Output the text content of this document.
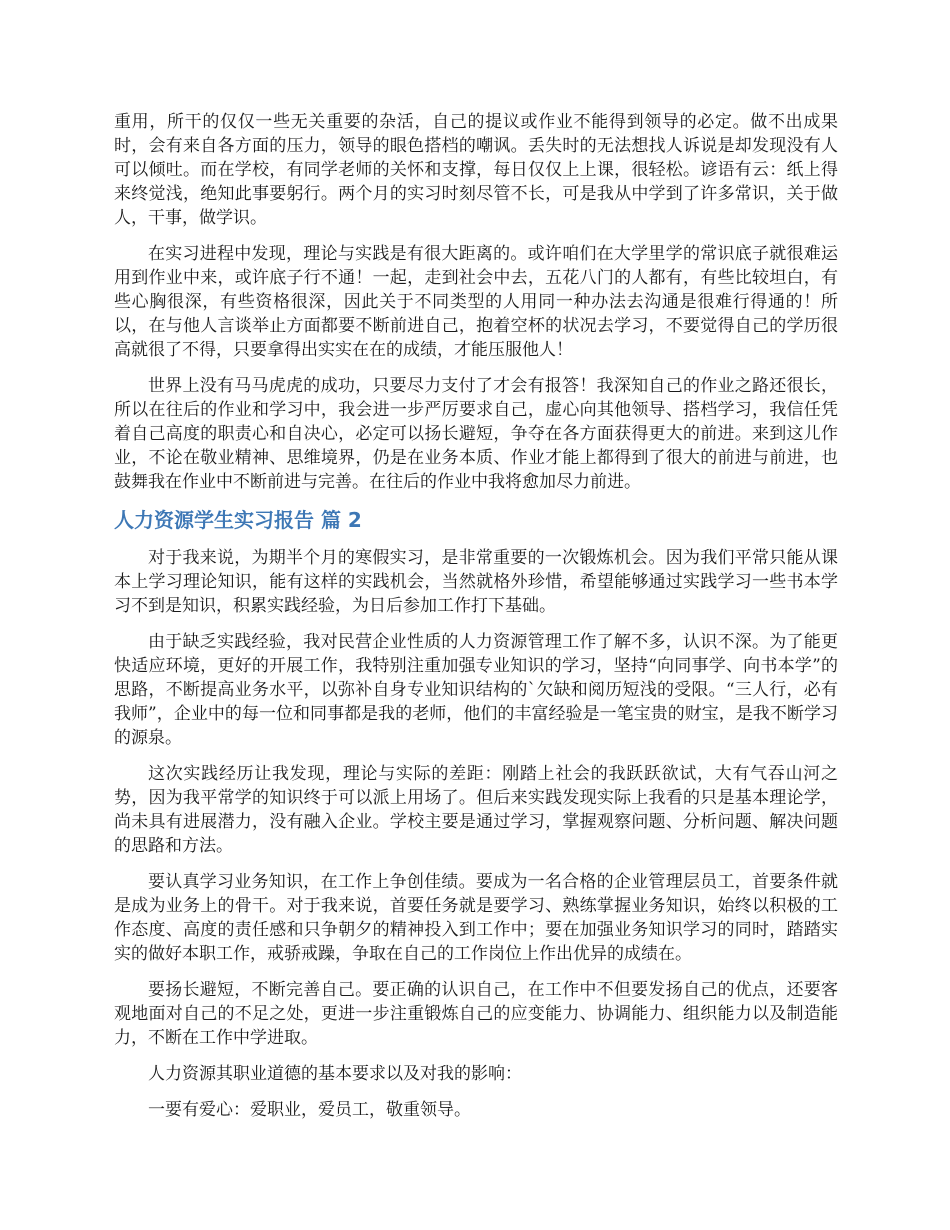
重用，所干的仅仅一些无关重要的杂活，自己的提议或作业不能得到领导的必定。做不出成果时，会有来自各方面的压力，领导的眼色搭档的嘲讽。丢失时的无法想找人诉说是却发现没有人可以倾吐。而在学校，有同学老师的关怀和支撑，每日仅仅上上课，很轻松。谚语有云：纸上得来终觉浅，绝知此事要躬行。两个月的实习时刻尽管不长，可是我从中学到了许多常识，关于做人，干事，做学识。

在实习进程中发现，理论与实践是有很大距离的。或许咱们在大学里学的常识底子就很难运用到作业中来，或许底子行不通！一起，走到社会中去，五花八门的人都有，有些比较坦白，有些心胸很深，有些资格很深，因此关于不同类型的人用同一种办法去沟通是很难行得通的！所以，在与他人言谈举止方面都要不断前进自己，抱着空杯的状况去学习，不要觉得自己的学历很高就很了不得，只要拿得出实实在在的成绩，才能压服他人！

世界上没有马马虎虎的成功，只要尽力支付了才会有报答！我深知自己的作业之路还很长，所以在往后的作业和学习中，我会进一步严厉要求自己，虚心向其他领导、搭档学习，我信任凭着自己高度的职责心和自决心，必定可以扬长避短，争夺在各方面获得更大的前进。来到这儿作业，不论在敬业精神、思维境界，仍是在业务本质、作业才能上都得到了很大的前进与前进，也鼓舞我在作业中不断前进与完善。在往后的作业中我将愈加尽力前进。

人力资源学生实习报告 篇 2

对于我来说，为期半个月的寒假实习，是非常重要的一次锻炼机会。因为我们平常只能从课本上学习理论知识，能有这样的实践机会，当然就格外珍惜，希望能够通过实践学习一些书本学习不到是知识，积累实践经验，为日后参加工作打下基础。

由于缺乏实践经验，我对民营企业性质的人力资源管理工作了解不多，认识不深。为了能更快适应环境，更好的开展工作，我特别注重加强专业知识的学习，坚持“向同事学、向书本学”的思路，不断提高业务水平，以弥补自身专业知识结构的`欠缺和阅历短浅的受限。“三人行，必有我师”，企业中的每一位和同事都是我的老师，他们的丰富经验是一笔宝贵的财宝，是我不断学习的源泉。

这次实践经历让我发现，理论与实际的差距：刚踏上社会的我跃跃欲试，大有气吞山河之势，因为我平常学的知识终于可以派上用场了。但后来实践发现实际上我看的只是基本理论学，尚未具有进展潜力，没有融入企业。学校主要是通过学习，掌握观察问题、分析问题、解决问题的思路和方法。

要认真学习业务知识，在工作上争创佳绩。要成为一名合格的企业管理层员工，首要条件就是成为业务上的骨干。对于我来说，首要任务就是要学习、熟练掌握业务知识，始终以积极的工作态度、高度的责任感和只争朝夕的精神投入到工作中；要在加强业务知识学习的同时，踏踏实实的做好本职工作，戒骄戒躁，争取在自己的工作岗位上作出优异的成绩在。

要扬长避短，不断完善自己。要正确的认识自己，在工作中不但要发扬自己的优点，还要客观地面对自己的不足之处，更进一步注重锻炼自己的应变能力、协调能力、组织能力以及制造能力，不断在工作中学进取。

人力资源其职业道德的基本要求以及对我的影响：

一要有爱心：爱职业，爱员工，敬重领导。
